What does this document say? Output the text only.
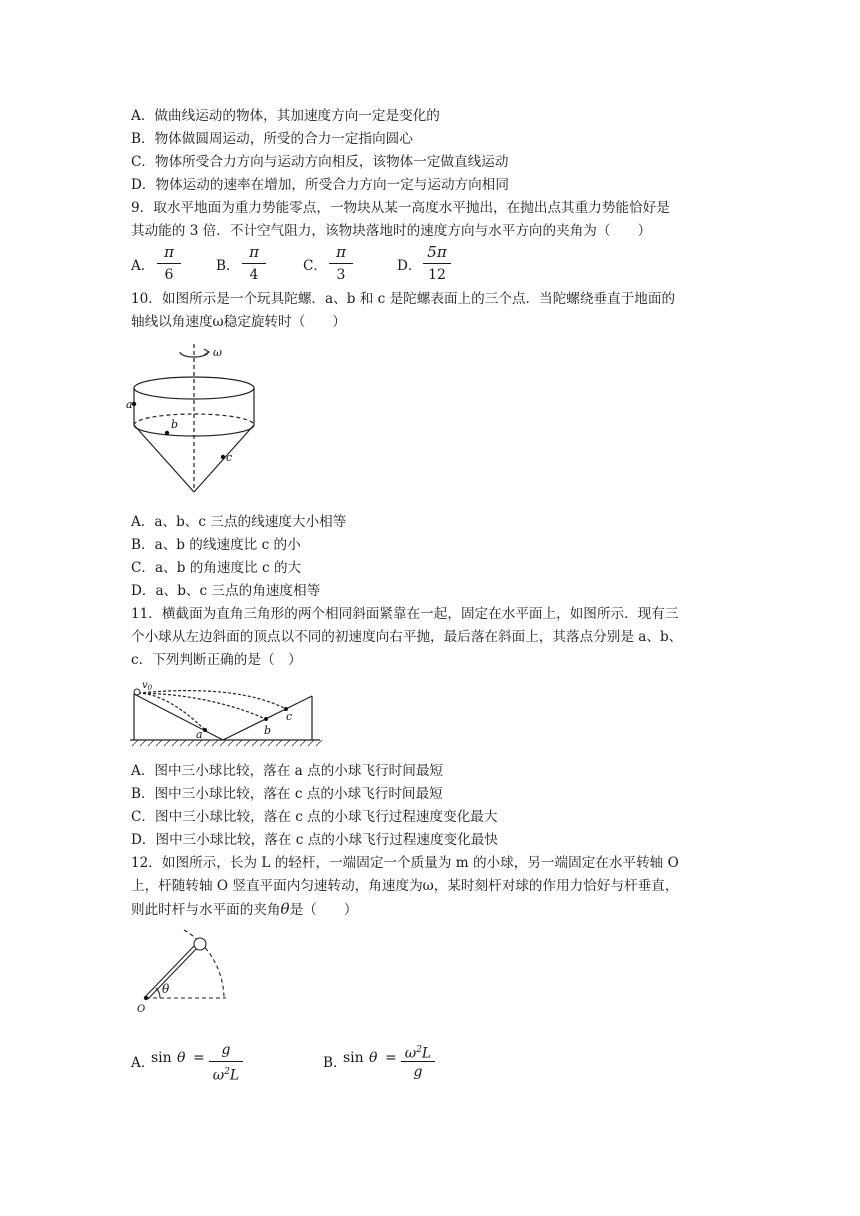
A．做曲线运动的物体，其加速度方向一定是变化的
B．物体做圆周运动，所受的合力一定指向圆心
C．物体所受合力方向与运动方向相反，该物体一定做直线运动
D．物体运动的速率在增加，所受合力方向一定与运动方向相同
9．取水平地面为重力势能零点，一物块从某一高度水平抛出，在抛出点其重力势能恰好是
其动能的 3 倍．不计空气阻力，该物块落地时的速度方向与水平方向的夹角为（　　）
A．
π
6
B．
π
4
C．
π
3
D．
5π
12
10．如图所示是一个玩具陀螺．a、b 和 c 是陀螺表面上的三个点．当陀螺绕垂直于地面的
轴线以角速度ω稳定旋转时（　　）
ω
a
b
c
A．a、b、c 三点的线速度大小相等
B．a、b 的线速度比 c 的小
C．a、b 的角速度比 c 的大
D．a、b、c 三点的角速度相等
11．横截面为直角三角形的两个相同斜面紧靠在一起，固定在水平面上，如图所示．现有三
个小球从左边斜面的顶点以不同的初速度向右平抛，最后落在斜面上，其落点分别是 a、b、
c．下列判断正确的是（　）
$v_0$
a	b
c
A．图中三小球比较，落在 a 点的小球飞行时间最短
B．图中三小球比较，落在 c 点的小球飞行时间最短
C．图中三小球比较，落在 c 点的小球飞行过程速度变化最大
D．图中三小球比较，落在 c 点的小球飞行过程速度变化最快
12．如图所示，长为 L 的轻杆，一端固定一个质量为 m 的小球，另一端固定在水平转轴 O
上，杆随转轴 O 竖直平面内匀速转动，角速度为ω，某时刻杆对球的作用力恰好与杆垂直，
则此时杆与水平面的夹角θ是（　　）
θ
O
A．
sin θ =	g
$\omega^2L$
B．
$\sin \theta = \omega^2L$
g
